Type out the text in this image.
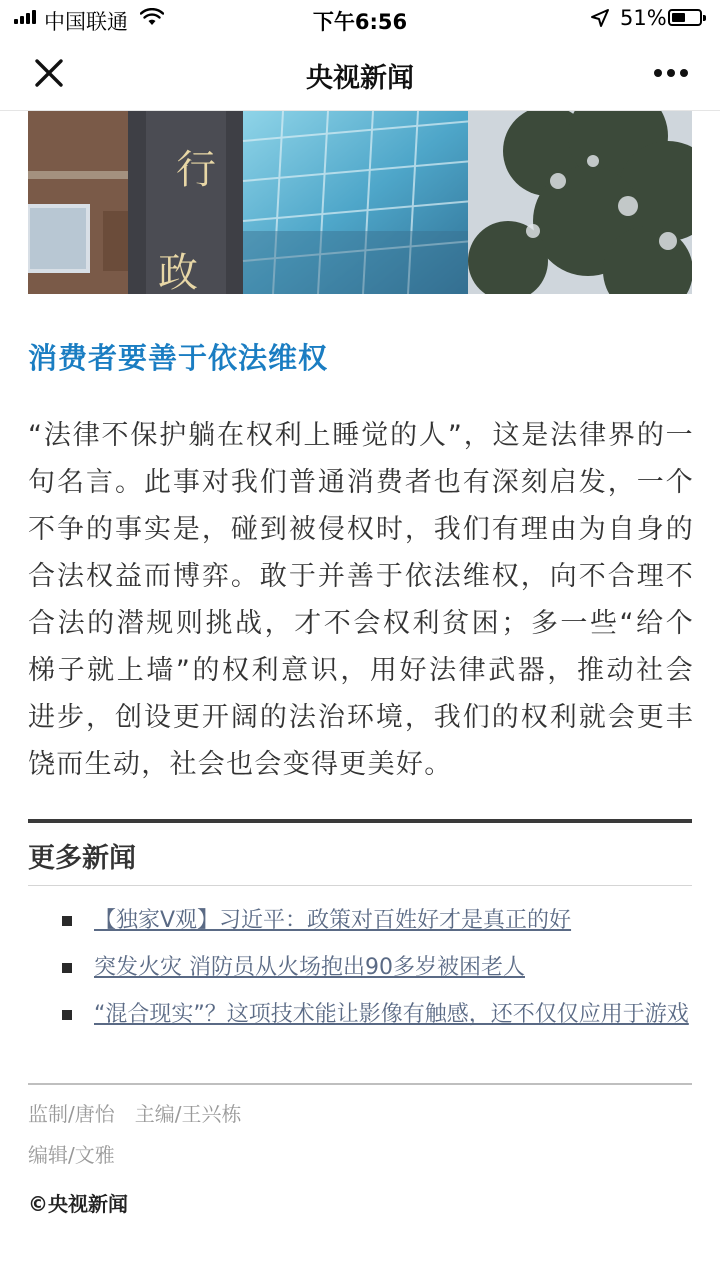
中国联通	下午6:56	51%
央视新闻
行
政
消费者要善于依法维权
“法律不保护躺在权利上睡觉的人”，这是法律界的一句名言。此事对我们普通消费者也有深刻启发，一个不争的事实是，碰到被侵权时，我们有理由为自身的合法权益而博弈。敢于并善于依法维权，向不合理不合法的潜规则挑战，才不会权利贫困；多一些“给个梯子就上墙”的权利意识，用好法律武器，推动社会进步，创设更开阔的法治环境，我们的权利就会更丰饶而生动，社会也会变得更美好。
更多新闻
【独家V观】习近平：政策对百姓好才是真正的好
突发火灾 消防员从火场抱出90多岁被困老人
“混合现实”？这项技术能让影像有触感，还不仅仅应用于游戏
监制/唐怡　主编/王兴栋
编辑/文雅
©央视新闻
